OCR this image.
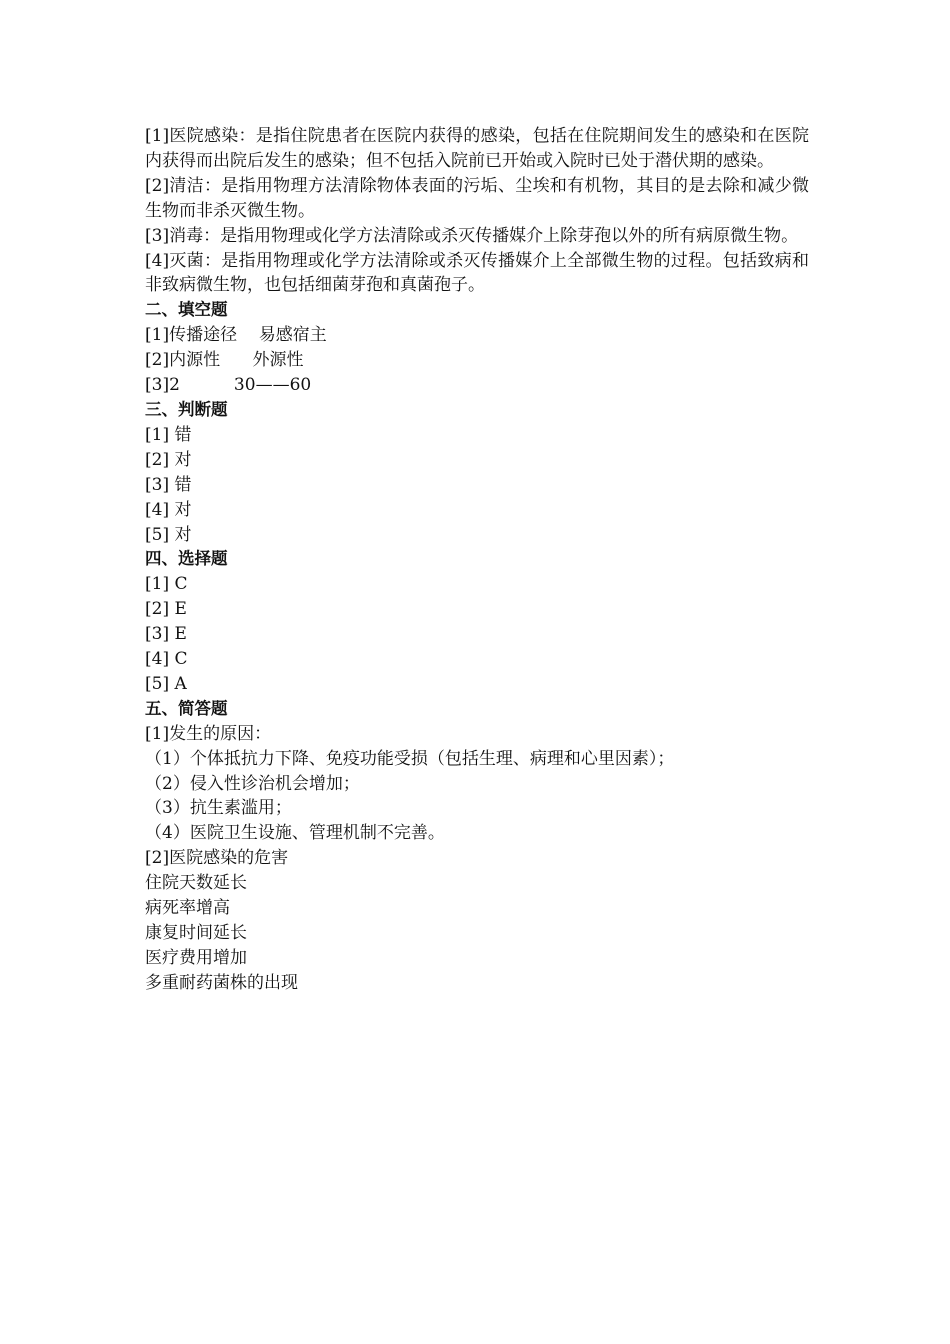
[1]医院感染：是指住院患者在医院内获得的感染，包括在住院期间发生的感染和在医院内获得而出院后发生的感染；但不包括入院前已开始或入院时已处于潜伏期的感染。

[2]清洁：是指用物理方法清除物体表面的污垢、尘埃和有机物，其目的是去除和减少微生物而非杀灭微生物。

[3]消毒：是指用物理或化学方法清除或杀灭传播媒介上除芽孢以外的所有病原微生物。

[4]灭菌：是指用物理或化学方法清除或杀灭传播媒介上全部微生物的过程。包括致病和非致病微生物，也包括细菌芽孢和真菌孢子。

二、填空题

[1]传播途径    易感宿主

[2]内源性      外源性

[3]2          30——60

三、判断题

[1] 错

[2] 对

[3] 错

[4] 对

[5] 对

四、选择题

[1] C

[2] E

[3] E

[4] C

[5] A

五、简答题

[1]发生的原因：

（1）个体抵抗力下降、免疫功能受损（包括生理、病理和心里因素）；

（2）侵入性诊治机会增加；

（3）抗生素滥用；

（4）医院卫生设施、管理机制不完善。

[2]医院感染的危害

住院天数延长

病死率增高

康复时间延长

医疗费用增加

多重耐药菌株的出现
